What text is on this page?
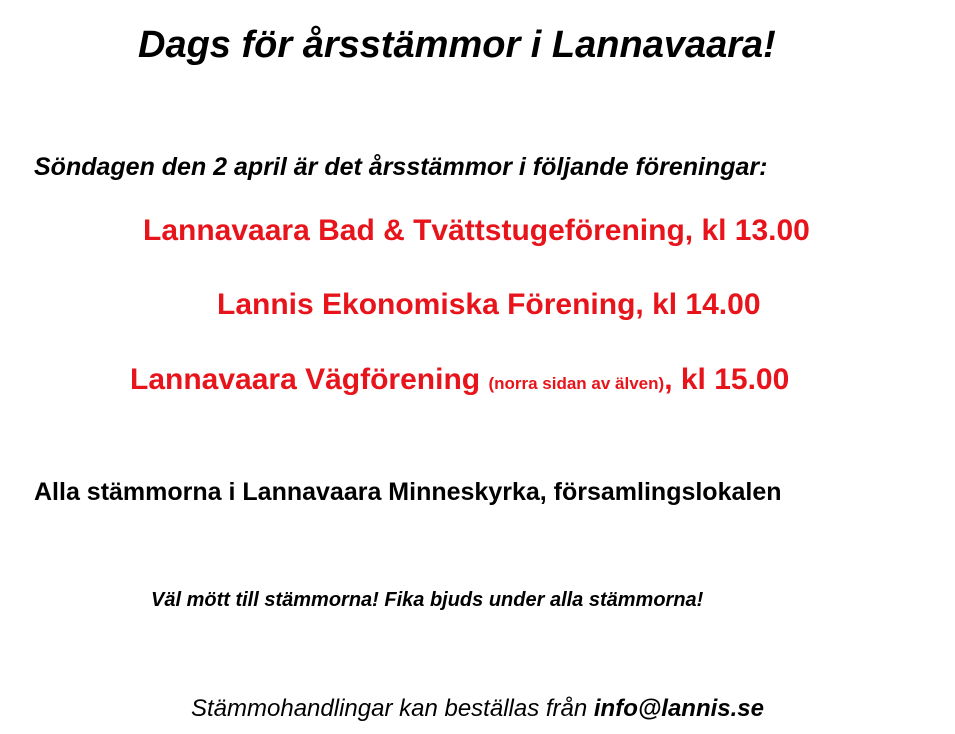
Dags för årsstämmor i Lannavaara!
Söndagen den 2 april är det årsstämmor i följande föreningar:
Lannavaara Bad & Tvättstugeförening, kl 13.00
Lannis Ekonomiska Förening, kl 14.00
Lannavaara Vägförening (norra sidan av älven), kl 15.00
Alla stämmorna i Lannavaara Minneskyrka, församlingslokalen
Väl mött till stämmorna! Fika bjuds under alla stämmorna!
Stämmohandlingar kan beställas från info@lannis.se
